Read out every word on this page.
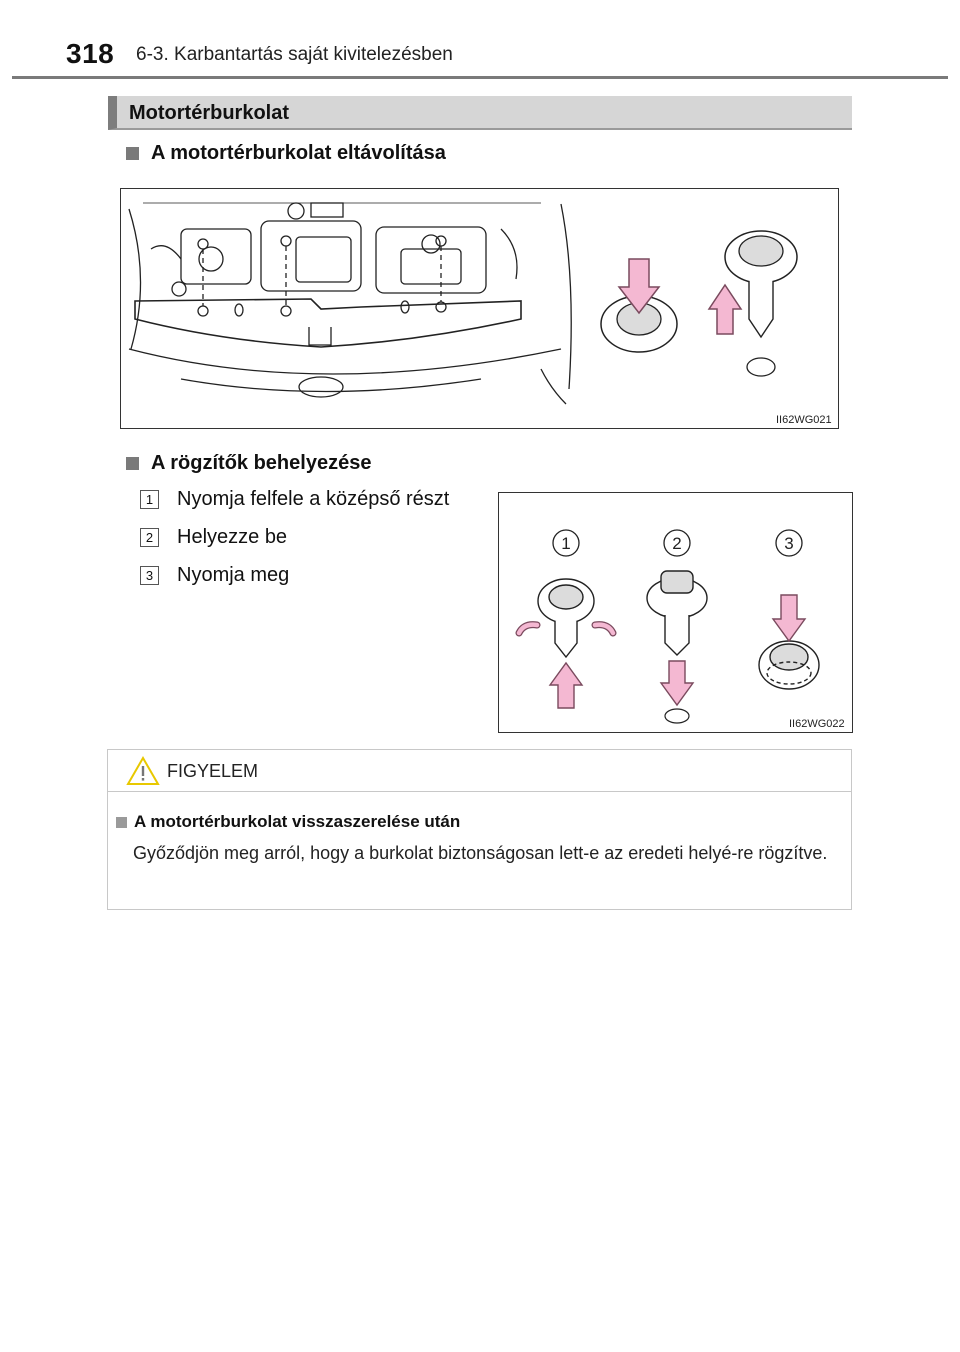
318 6-3. Karbantartás saját kivitelezésben
Motortérburkolat
A motortérburkolat eltávolítása
II62WG021
A rögzítők behelyezése
1 Nyomja felfele a középső részt
2 Helyezze be
3 Nyomja meg
1	2	3
II62WG022
FIGYELEM
A motortérburkolat visszaszerelése után
Győződjön meg arról, hogy a burkolat biztonságosan lett-e az eredeti helyé-re rögzítve.
